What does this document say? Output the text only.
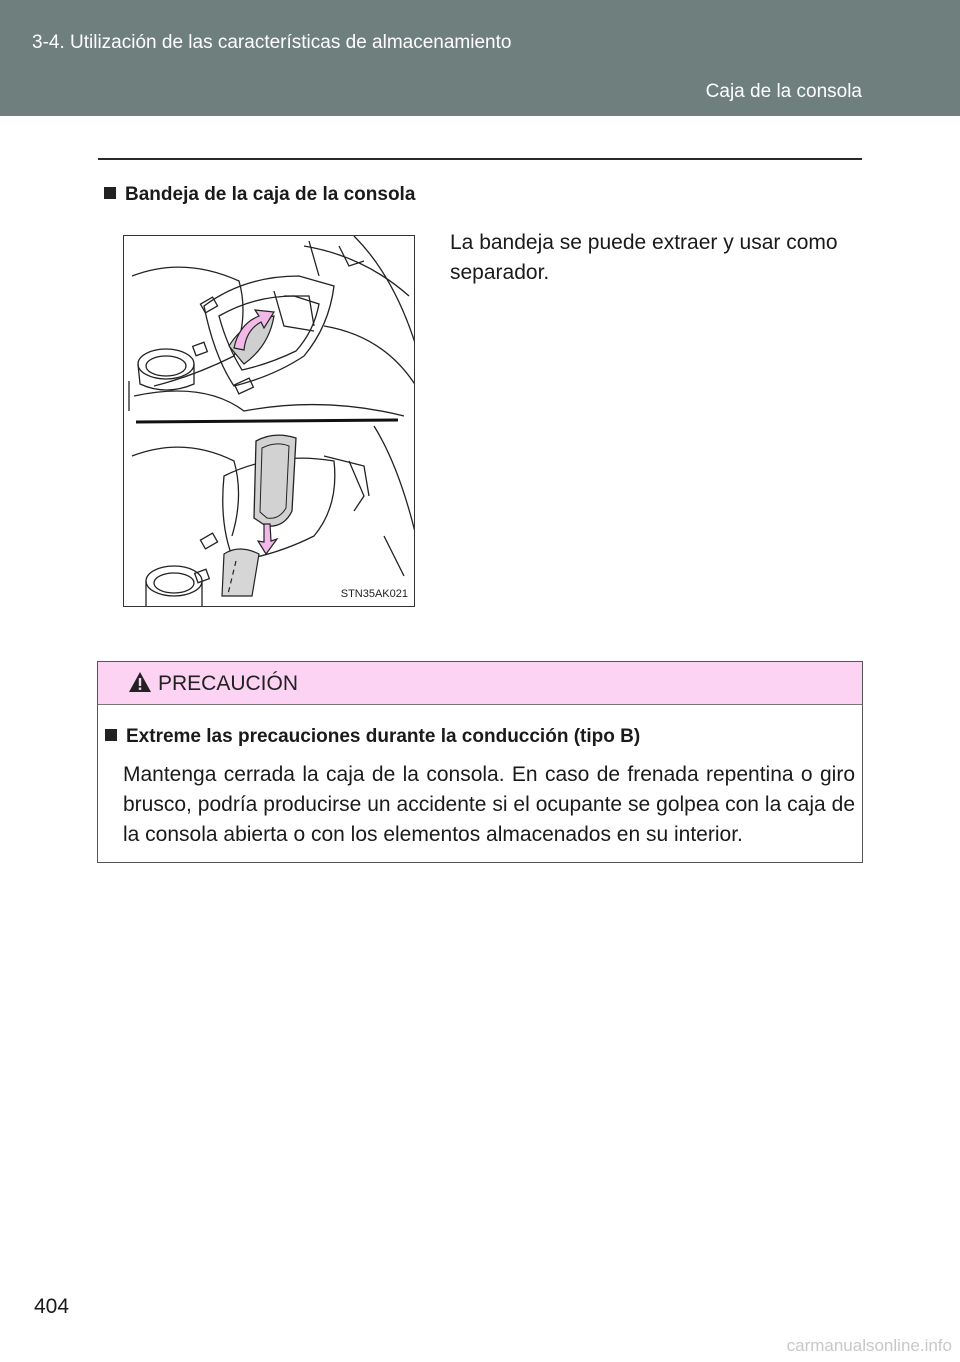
3-4. Utilización de las características de almacenamiento
Caja de la consola
Bandeja de la caja de la consola
STN35AK021
La bandeja se puede extraer y usar como separador.
PRECAUCIÓN
Extreme las precauciones durante la conducción (tipo B)
Mantenga cerrada la caja de la consola. En caso de frenada repentina o giro brusco, podría producirse un accidente si el ocupante se golpea con la caja de la consola abierta o con los elementos almacenados en su interior.
404
carmanualsonline.info
